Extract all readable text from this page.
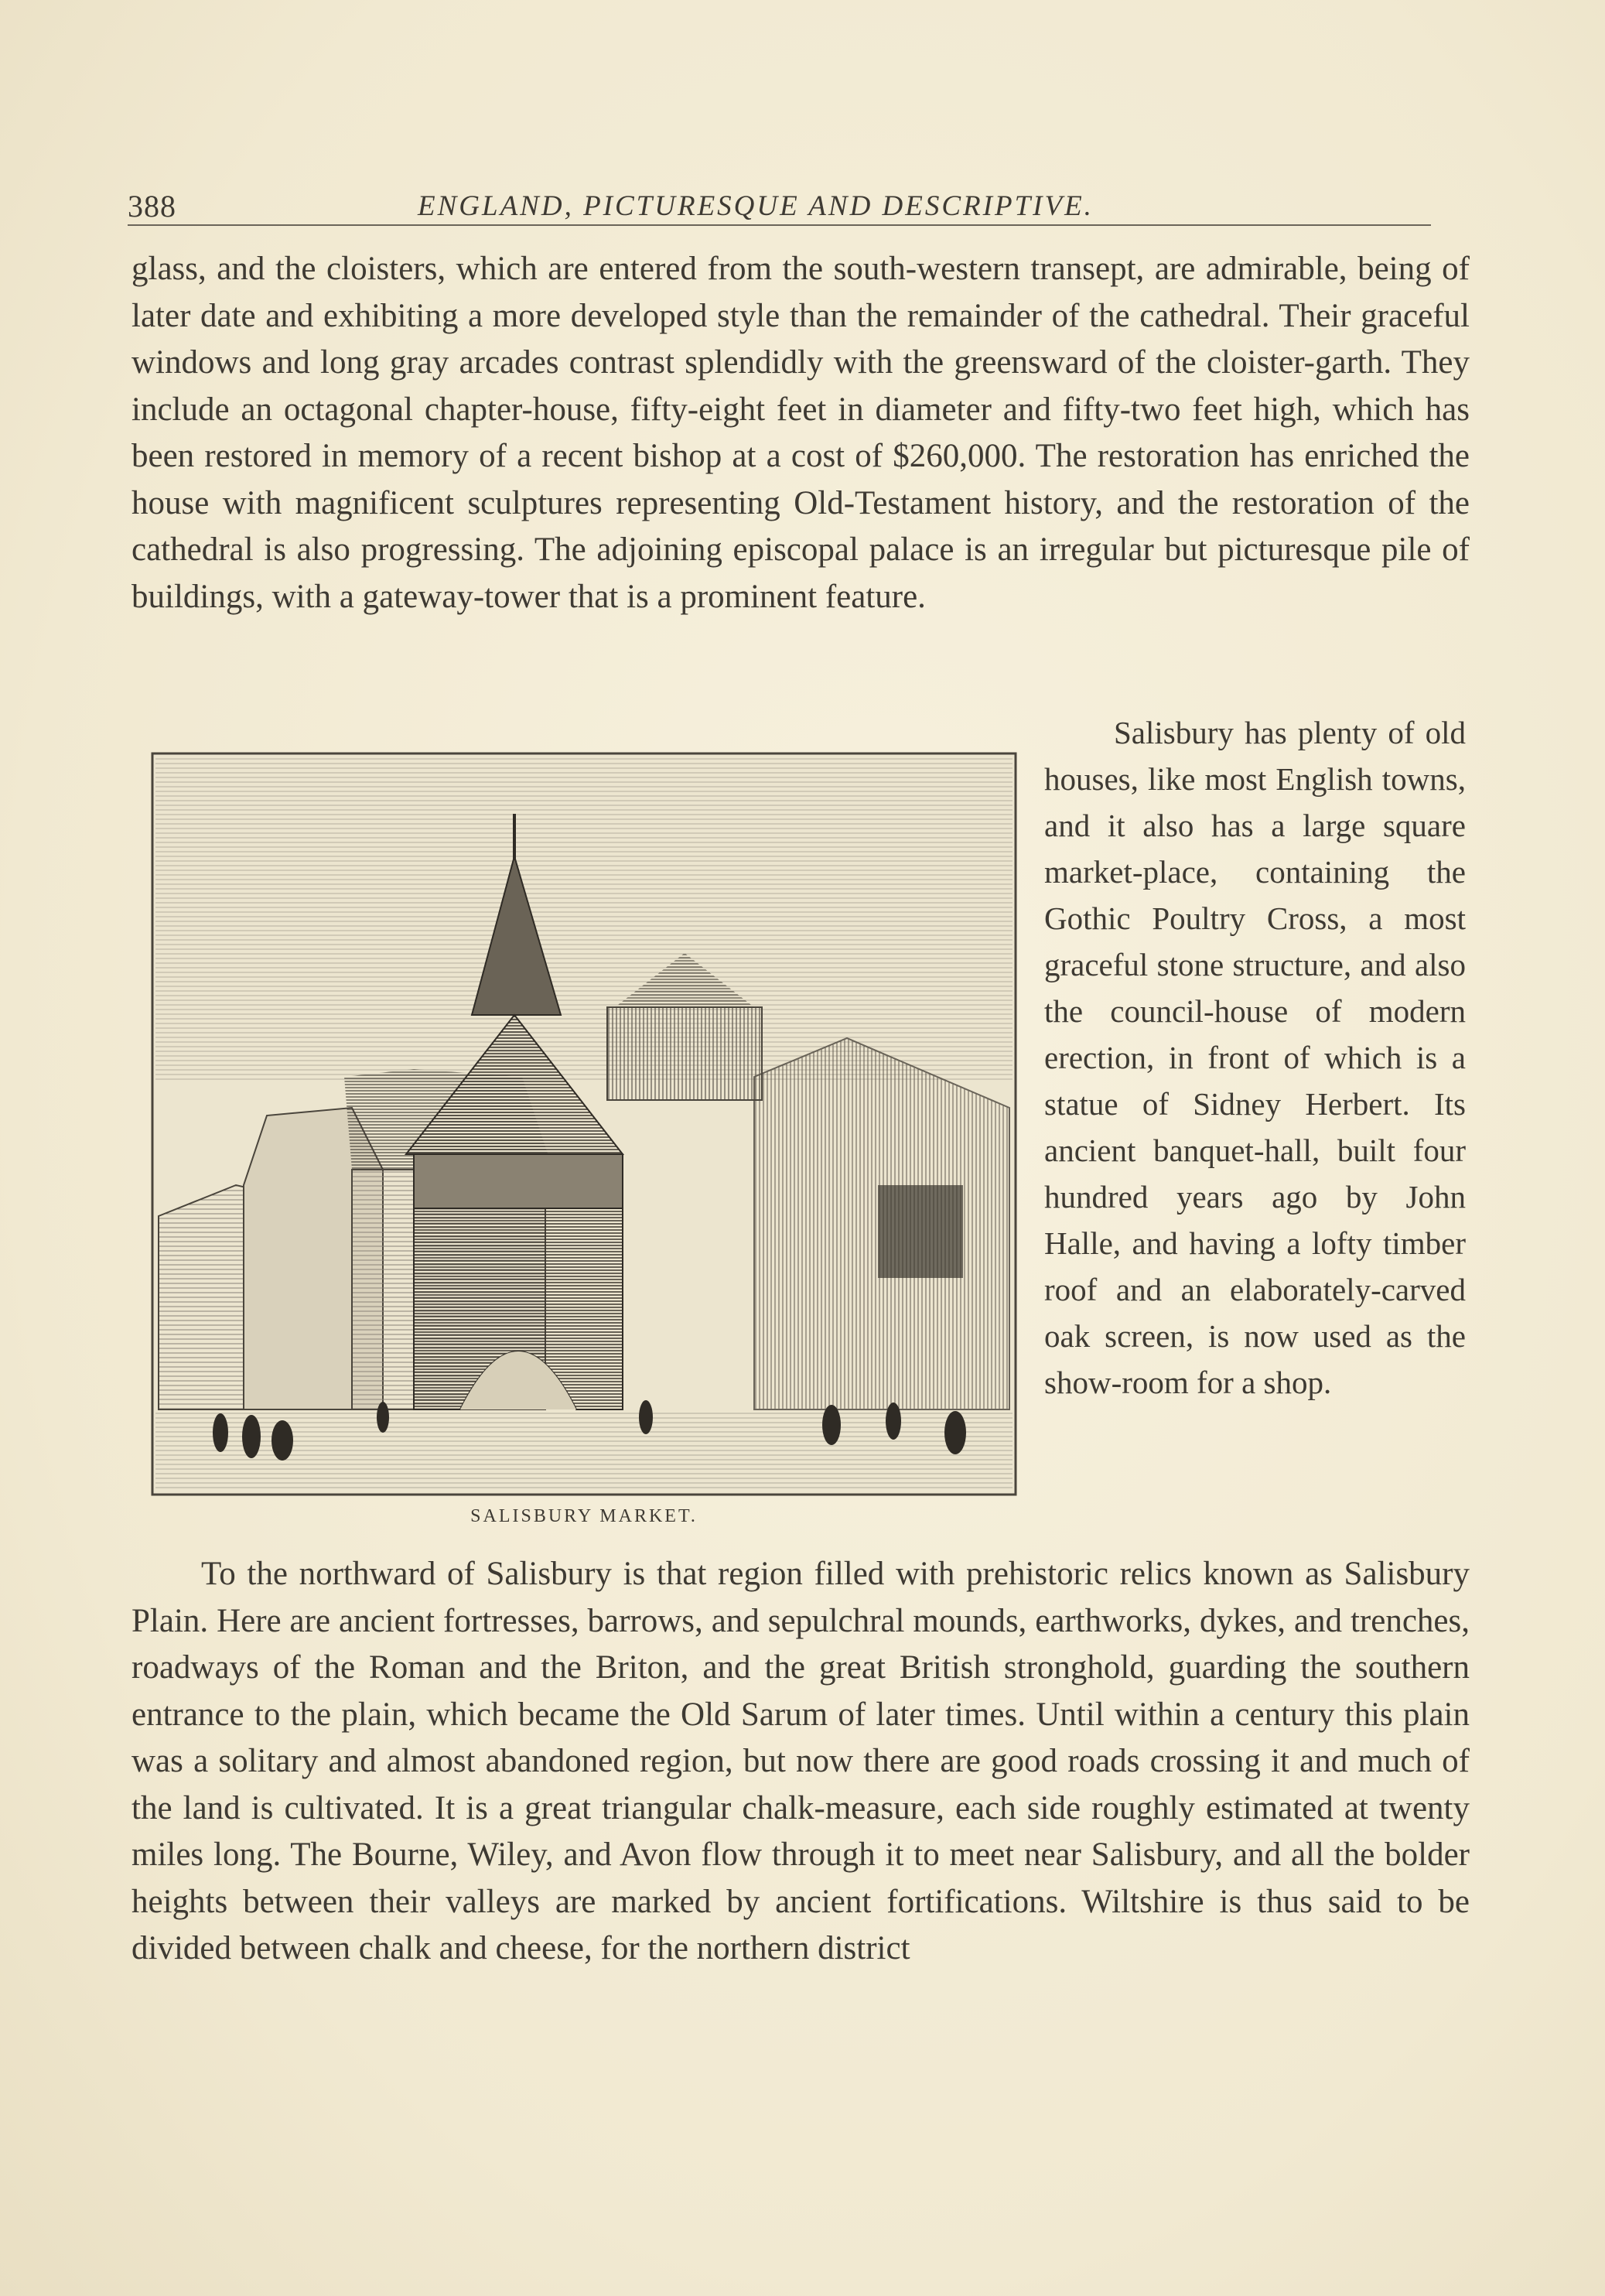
388	ENGLAND, PICTURESQUE AND DESCRIPTIVE.

glass, and the cloisters, which are entered from the south-western transept, are admirable, being of later date and exhibiting a more developed style than the remainder of the cathedral. Their graceful windows and long gray arcades contrast splendidly with the greensward of the cloister-garth. They include an octagonal chapter-house, fifty-eight feet in diameter and fifty-two feet high, which has been restored in memory of a recent bishop at a cost of $260,000. The restoration has enriched the house with magnificent sculptures representing Old-Testament history, and the restoration of the cathedral is also progressing. The adjoining episcopal palace is an irregular but picturesque pile of buildings, with a gateway-tower that is a prominent feature.

SALISBURY MARKET.

Salisbury has plenty of old houses, like most English towns, and it also has a large square market-place, containing the Gothic Poultry Cross, a most graceful stone structure, and also the council-house of modern erection, in front of which is a statue of Sidney Herbert. Its ancient banquet-hall, built four hundred years ago by John Halle, and having a lofty timber roof and an elaborately-carved oak screen, is now used as the show-room for a shop.

To the northward of Salisbury is that region filled with prehistoric relics known as Salisbury Plain. Here are ancient fortresses, barrows, and sepulchral mounds, earthworks, dykes, and trenches, roadways of the Roman and the Briton, and the great British stronghold, guarding the southern entrance to the plain, which became the Old Sarum of later times. Until within a century this plain was a solitary and almost abandoned region, but now there are good roads crossing it and much of the land is cultivated. It is a great triangular chalk-measure, each side roughly estimated at twenty miles long. The Bourne, Wiley, and Avon flow through it to meet near Salisbury, and all the bolder heights between their valleys are marked by ancient fortifications. Wiltshire is thus said to be divided between chalk and cheese, for the northern district
